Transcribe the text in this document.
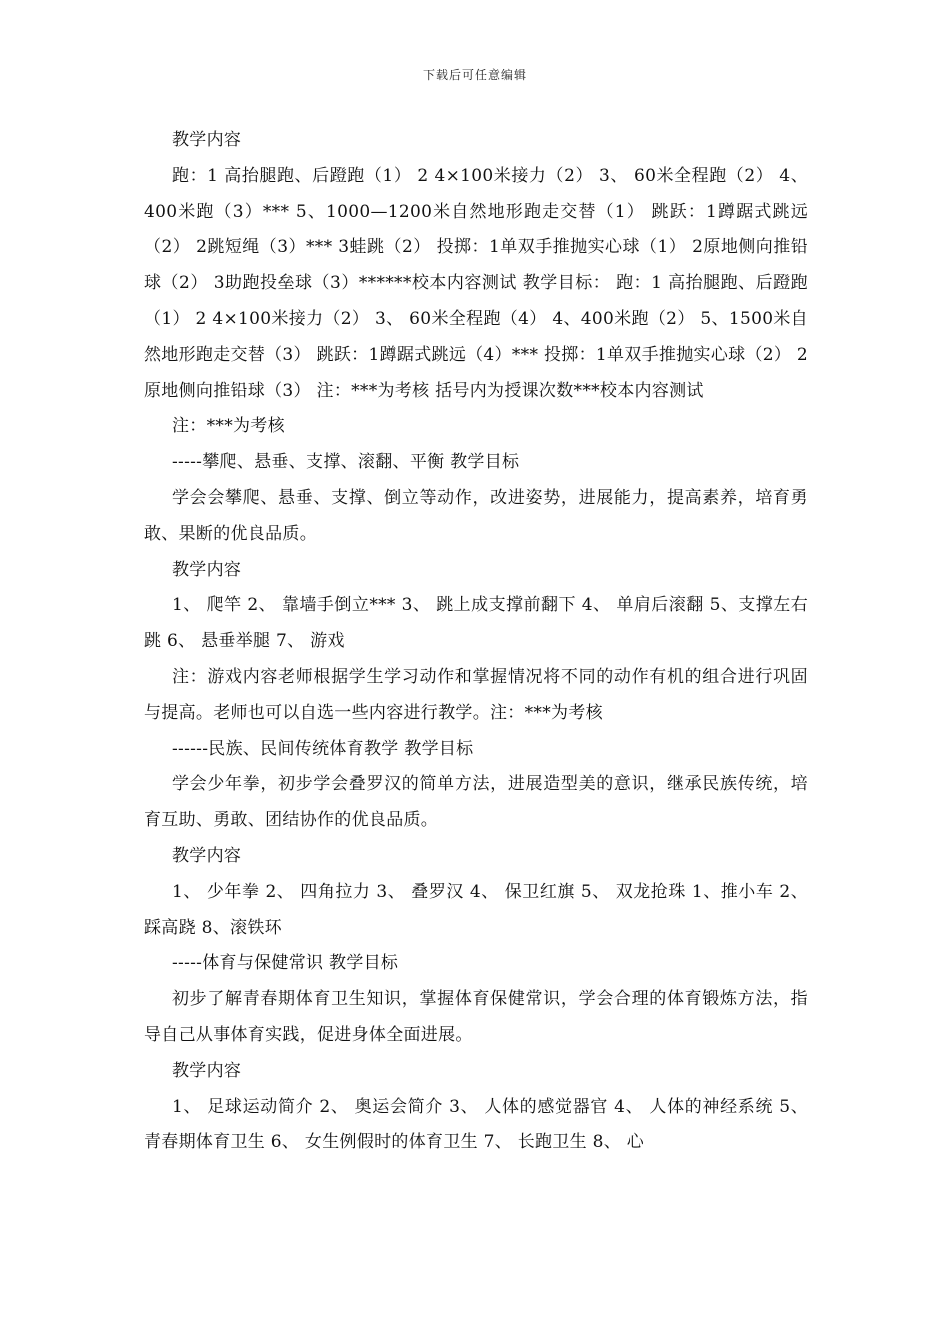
下载后可任意编辑

教学内容

跑：1 高抬腿跑、后蹬跑（1） 2 4×100米接力（2） 3、 60米全程跑（2） 4、400米跑（3）*** 5、1000—1200米自然地形跑走交替（1） 跳跃：1蹲踞式跳远（2） 2跳短绳（3）*** 3蛙跳（2） 投掷：1单双手推抛实心球（1） 2原地侧向推铅球（2） 3助跑投垒球（3）******校本内容测试 教学目标： 跑：1 高抬腿跑、后蹬跑（1） 2 4×100米接力（2） 3、 60米全程跑（4） 4、400米跑（2） 5、1500米自然地形跑走交替（3） 跳跃：1蹲踞式跳远（4）*** 投掷：1单双手推抛实心球（2） 2原地侧向推铅球（3） 注：***为考核 括号内为授课次数***校本内容测试

注：***为考核

-----攀爬、悬垂、支撑、滚翻、平衡 教学目标

学会会攀爬、悬垂、支撑、倒立等动作，改进姿势，进展能力，提高素养，培育勇敢、果断的优良品质。

教学内容

1、 爬竿 2、 靠墙手倒立*** 3、 跳上成支撑前翻下 4、 单肩后滚翻 5、支撑左右跳 6、 悬垂举腿 7、 游戏

注：游戏内容老师根据学生学习动作和掌握情况将不同的动作有机的组合进行巩固与提高。老师也可以自选一些内容进行教学。注：***为考核

------民族、民间传统体育教学 教学目标

学会少年拳，初步学会叠罗汉的简单方法，进展造型美的意识，继承民族传统，培育互助、勇敢、团结协作的优良品质。

教学内容

1、 少年拳 2、 四角拉力 3、 叠罗汉 4、 保卫红旗 5、 双龙抢珠 1、推小车 2、 踩高跷 8、滚铁环

-----体育与保健常识 教学目标

初步了解青春期体育卫生知识，掌握体育保健常识，学会合理的体育锻炼方法，指导自己从事体育实践，促进身体全面进展。

教学内容

1、 足球运动简介 2、 奥运会简介 3、 人体的感觉器官 4、 人体的神经系统 5、 青春期体育卫生 6、 女生例假时的体育卫生 7、 长跑卫生 8、 心
